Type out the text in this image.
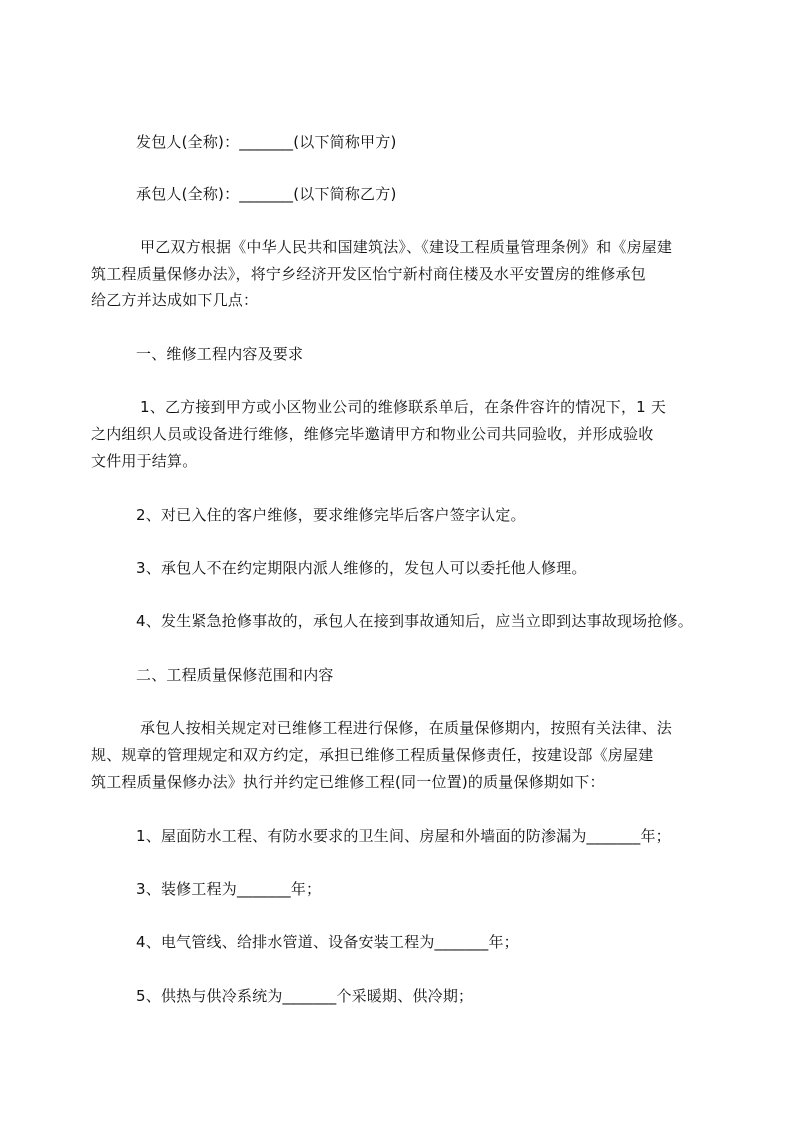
发包人(全称)：_______(以下简称甲方)
承包人(全称)：_______(以下简称乙方)
甲乙双方根据《中华人民共和国建筑法》、《建设工程质量管理条例》和《房屋建
筑工程质量保修办法》，将宁乡经济开发区怡宁新村商住楼及水平安置房的维修承包
给乙方并达成如下几点：
一、维修工程内容及要求
1、乙方接到甲方或小区物业公司的维修联系单后，在条件容许的情况下，1 天
之内组织人员或设备进行维修，维修完毕邀请甲方和物业公司共同验收，并形成验收
文件用于结算。
2、对已入住的客户维修，要求维修完毕后客户签字认定。
3、承包人不在约定期限内派人维修的，发包人可以委托他人修理。
4、发生紧急抢修事故的，承包人在接到事故通知后，应当立即到达事故现场抢修。
二、工程质量保修范围和内容
承包人按相关规定对已维修工程进行保修，在质量保修期内，按照有关法律、法
规、规章的管理规定和双方约定，承担已维修工程质量保修责任，按建设部《房屋建
筑工程质量保修办法》执行并约定已维修工程(同一位置)的质量保修期如下：
1、屋面防水工程、有防水要求的卫生间、房屋和外墙面的防渗漏为_______年；
3、装修工程为_______年；
4、电气管线、给排水管道、设备安装工程为_______年；
5、供热与供冷系统为_______个采暖期、供冷期；
